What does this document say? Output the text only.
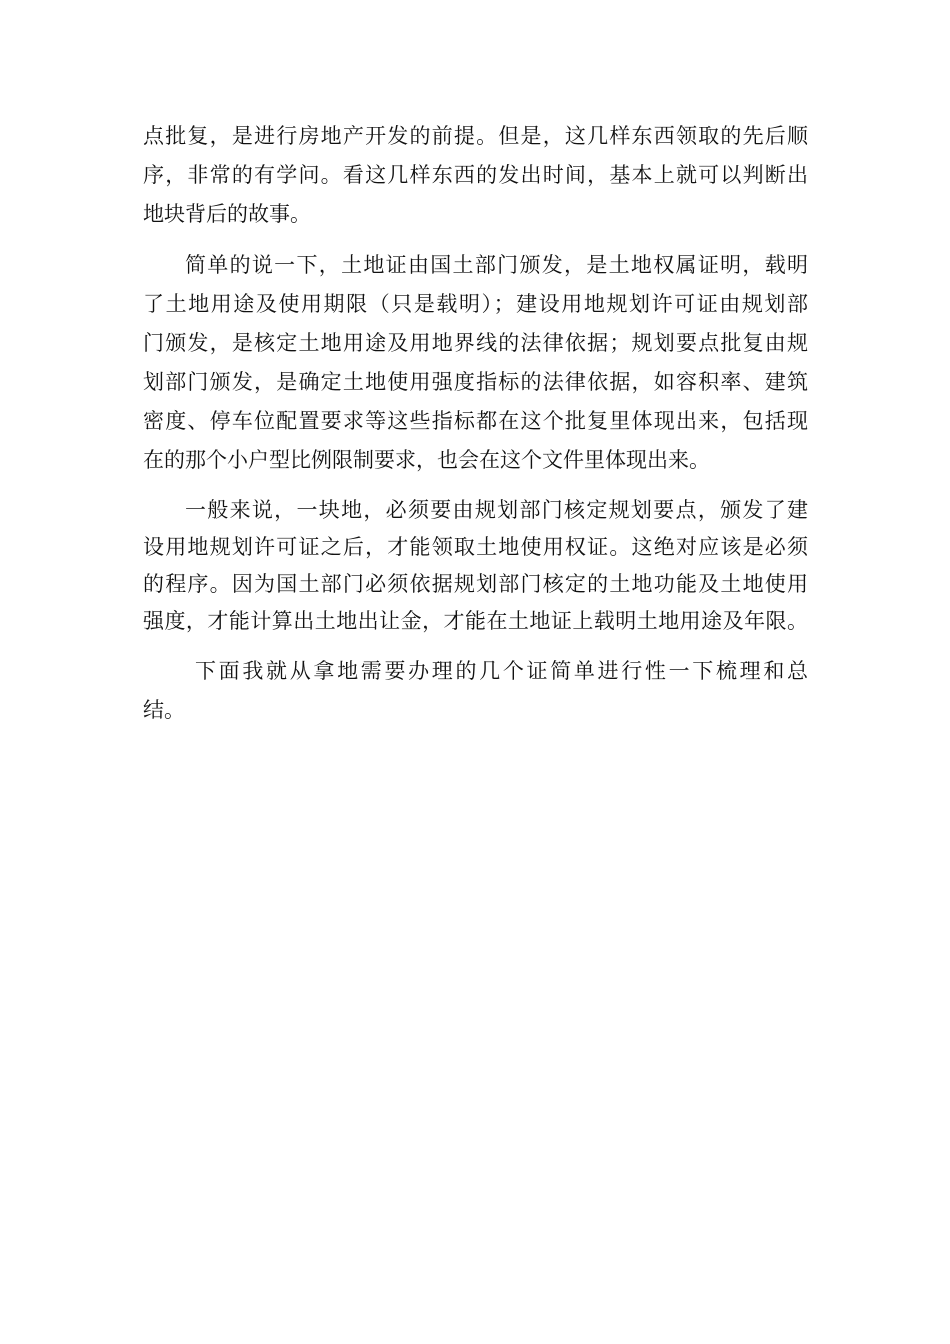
点批复，是进行房地产开发的前提。但是，这几样东西领取的先后顺
序，非常的有学问。看这几样东西的发出时间，基本上就可以判断出
地块背后的故事。
简单的说一下，土地证由国土部门颁发，是土地权属证明，载明
了土地用途及使用期限（只是载明）；建设用地规划许可证由规划部
门颁发，是核定土地用途及用地界线的法律依据；规划要点批复由规
划部门颁发，是确定土地使用强度指标的法律依据，如容积率、建筑
密度、停车位配置要求等这些指标都在这个批复里体现出来，包括现
在的那个小户型比例限制要求，也会在这个文件里体现出来。
一般来说，一块地，必须要由规划部门核定规划要点，颁发了建
设用地规划许可证之后，才能领取土地使用权证。这绝对应该是必须
的程序。因为国土部门必须依据规划部门核定的土地功能及土地使用
强度，才能计算出土地出让金，才能在土地证上载明土地用途及年限。
下面我就从拿地需要办理的几个证简单进行性一下梳理和总
结。
